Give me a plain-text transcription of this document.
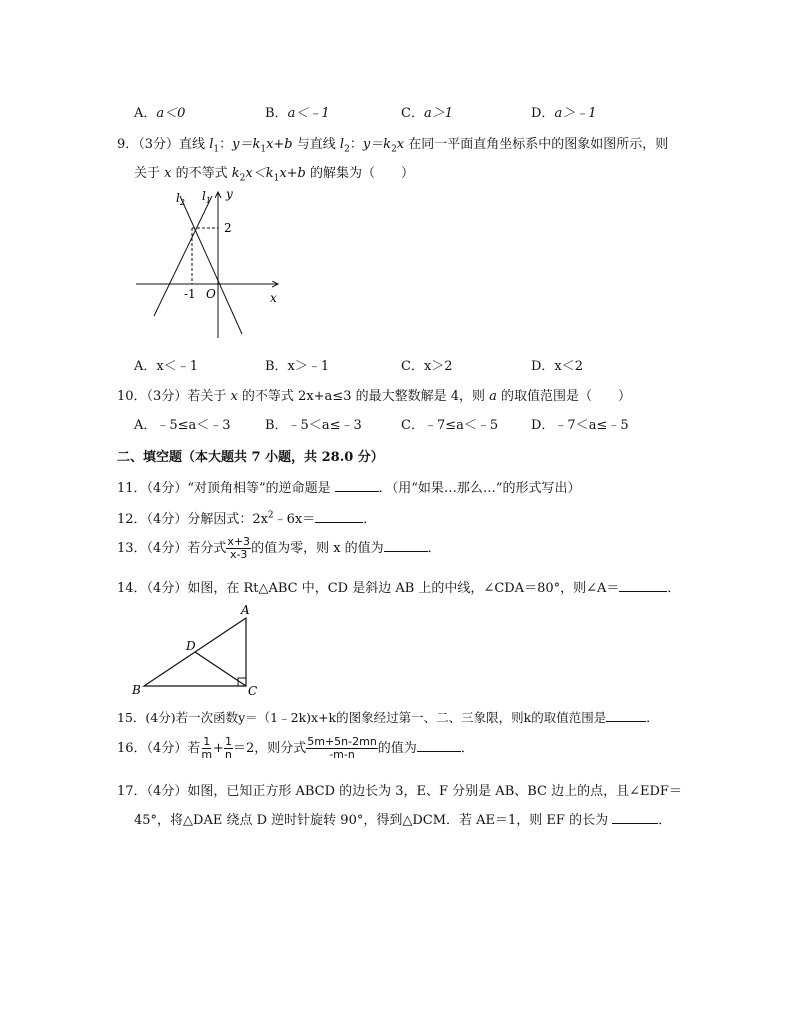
A．a＜0	B．a＜﹣1	C．a＞1	D．a＞﹣1
9．（3分）直线 $l_1$：$y=k_1x+b$ 与直线 $l_2$：$y=k_2x$ 在同一平面直角坐标系中的图象如图所示，则
关于 x 的不等式 $k_2x<k_1x+b$ 的解集为（　　）
$l_2$ $l_1$ y
x
O
2
-1
A．x＜﹣1	B．x＞﹣1	C．x＞2	D．x＜2
10．（3分）若关于 x 的不等式 2x+a≤3 的最大整数解是 4，则 a 的取值范围是（　　）
A．﹣5≤a＜﹣3	B．﹣5＜a≤﹣3	C．﹣7≤a＜﹣5	D．﹣7＜a≤﹣5
二、填空题（本大题共 7 小题，共 28.0 分）
11．（4分）“对顶角相等”的逆命题是	．（用“如果…那么…”的形式写出）
12．（4分）分解因式：$2x^2﹣6x=$	．
13．（4分）若分式 $\frac{x+3}{x-3}$ 的值为零，则 x 的值为	．
14．（4分）如图，在 Rt△ABC 中，CD 是斜边 AB 上的中线，∠CDA＝80°，则∠A＝	．
A
B	C
D
15．(4分)若一次函数y＝（1﹣2k)x+k的图象经过第一、二、三象限，则k的取值范围是	．
16．（4分）若 $\frac{1}{m} + \frac{1}{n} =2$，则分式 $\frac{5m+5n-2mn}{-m-n}$ 的值为	．
17．（4分）如图，已知正方形 ABCD 的边长为 3，E、F 分别是 AB、BC 边上的点，且∠EDF＝
45°，将△DAE 绕点 D 逆时针旋转 90°，得到△DCM．若 AE＝1，则 EF 的长为	．
